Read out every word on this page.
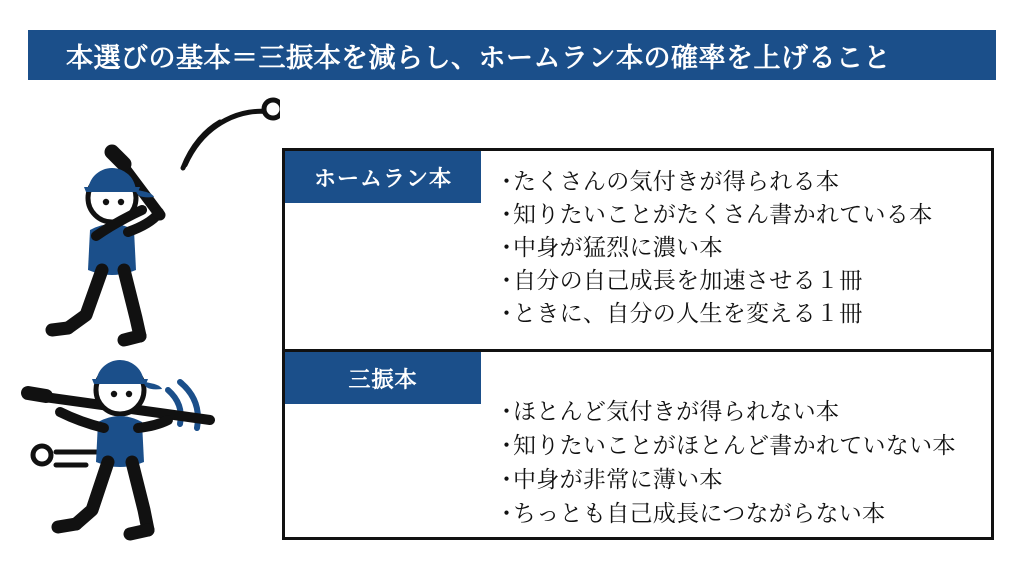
本選びの基本＝三振本を減らし、ホームラン本の確率を上げること
ホームラン本	・たくさんの気付きが得られる本
・知りたいことがたくさん書かれている本
・中身が猛烈に濃い本
・自分の自己成長を加速させる１冊
・ときに、自分の人生を変える１冊
三振本
・ほとんど気付きが得られない本
・知りたいことがほとんど書かれていない本
・中身が非常に薄い本
・ちっとも自己成長につながらない本
